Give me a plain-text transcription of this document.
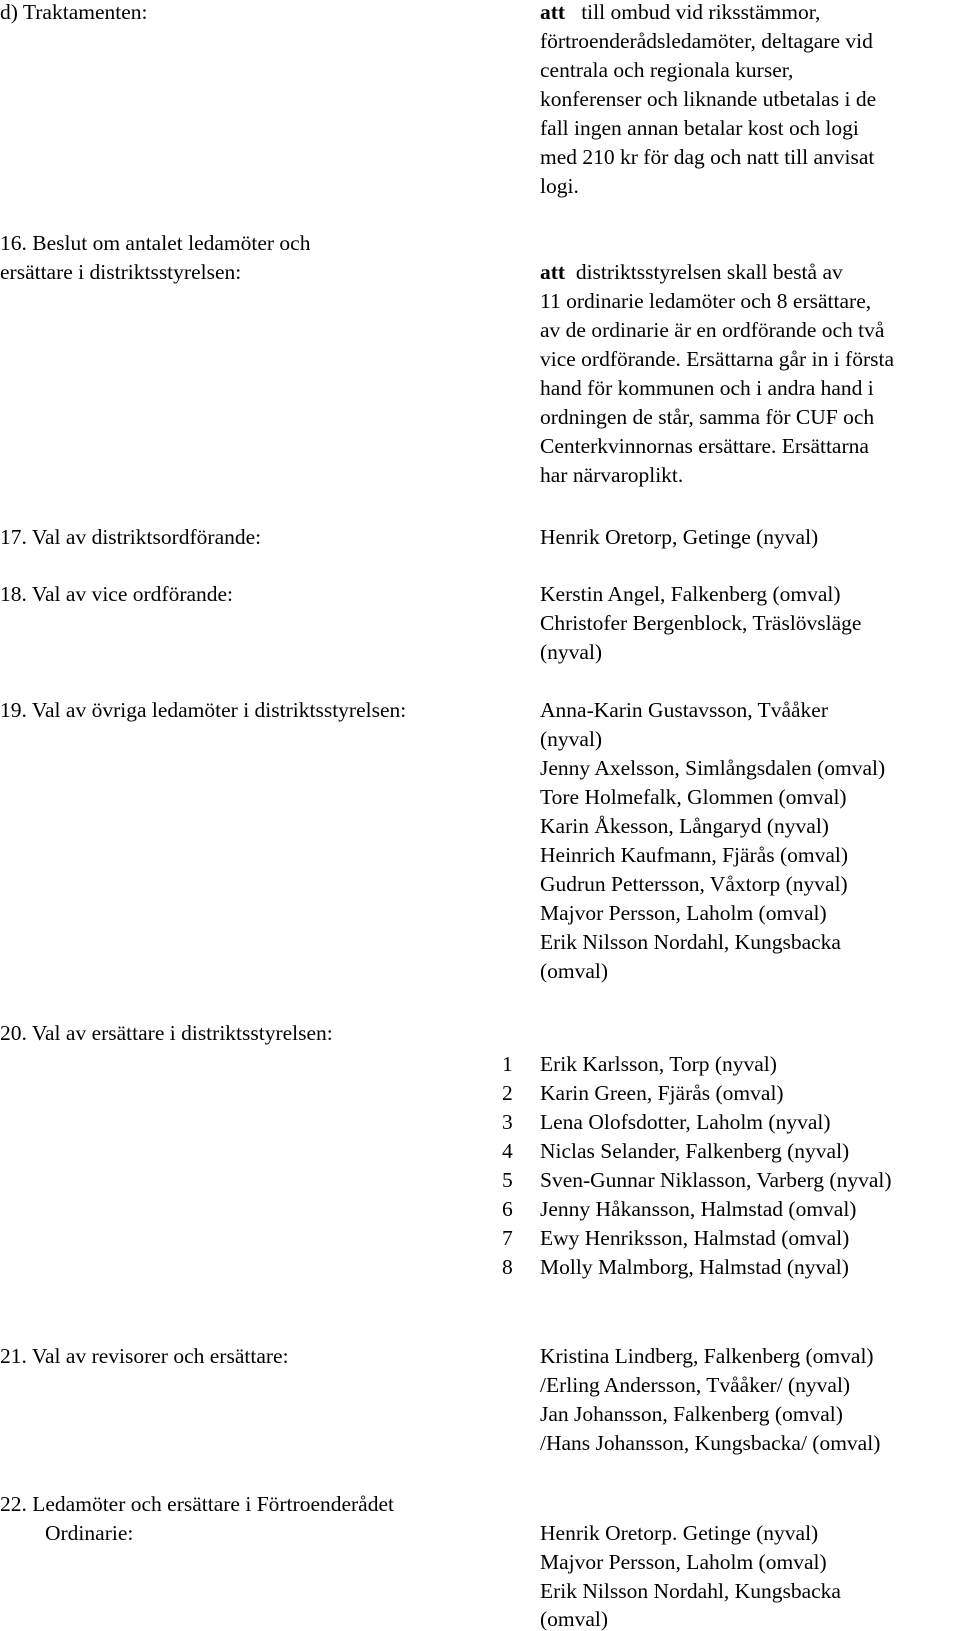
d) Traktamenten:	att till ombud vid riksstämmor,
förtroenderådsledamöter, deltagare vid
centrala och regionala kurser,
konferenser och liknande utbetalas i de
fall ingen annan betalar kost och logi
med 210 kr för dag och natt till anvisat
logi.
16. Beslut om antalet ledamöter och
ersättare i distriktsstyrelsen:	att distriktsstyrelsen skall bestå av
11 ordinarie ledamöter och 8 ersättare,
av de ordinarie är en ordförande och två
vice ordförande. Ersättarna går in i första
hand för kommunen och i andra hand i
ordningen de står, samma för CUF och
Centerkvinnornas ersättare. Ersättarna
har närvaroplikt.
17. Val av distriktsordförande:	Henrik Oretorp, Getinge (nyval)
18. Val av vice ordförande:	Kerstin Angel, Falkenberg (omval)
Christofer Bergenblock, Träslövsläge
(nyval)
19. Val av övriga ledamöter i distriktsstyrelsen:	Anna-Karin Gustavsson, Tvååker
(nyval)
Jenny Axelsson, Simlångsdalen (omval)
Tore Holmefalk, Glommen (omval)
Karin Åkesson, Långaryd (nyval)
Heinrich Kaufmann, Fjärås (omval)
Gudrun Pettersson, Våxtorp (nyval)
Majvor Persson, Laholm (omval)
Erik Nilsson Nordahl, Kungsbacka
(omval)
20. Val av ersättare i distriktsstyrelsen:
1 Erik Karlsson, Torp (nyval)
2 Karin Green, Fjärås (omval)
3 Lena Olofsdotter, Laholm (nyval)
4 Niclas Selander, Falkenberg (nyval)
5 Sven-Gunnar Niklasson, Varberg (nyval)
6 Jenny Håkansson, Halmstad (omval)
7 Ewy Henriksson, Halmstad (omval)
8 Molly Malmborg, Halmstad (nyval)
21. Val av revisorer och ersättare:	Kristina Lindberg, Falkenberg (omval)
/Erling Andersson, Tvååker/ (nyval)
Jan Johansson, Falkenberg (omval)
/Hans Johansson, Kungsbacka/ (omval)
22. Ledamöter och ersättare i Förtroenderådet
Ordinarie:	Henrik Oretorp. Getinge (nyval)
Majvor Persson, Laholm (omval)
Erik Nilsson Nordahl, Kungsbacka
(omval)
